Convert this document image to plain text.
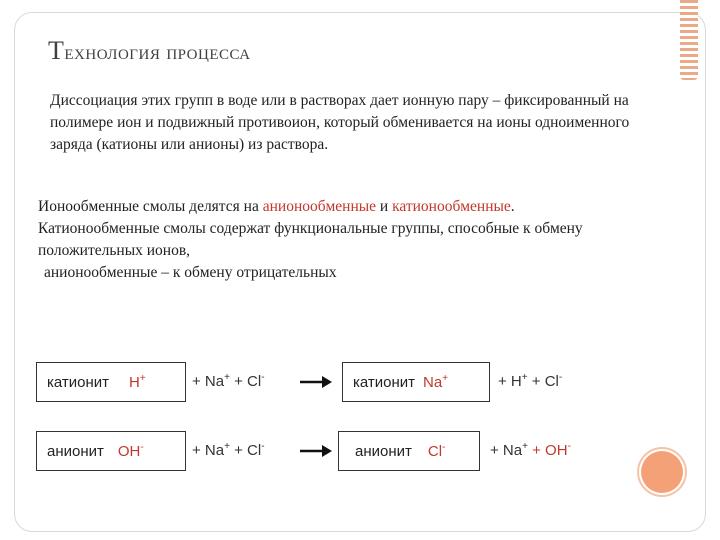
Технология процесса
Диссоциация этих групп в воде или в растворах дает ионную пару – фиксированный на полимере ион и подвижный противоион, который обменивается на ионы одноименного заряда (катионы или анионы) из раствора.
Ионообменные смолы делятся на анионообменные и катионообменные.
Катионообменные смолы содержат функциональные группы, способные к обмену положительных ионов,
анионообменные – к обмену отрицательных
катионит H+	+ Na+ + Cl-	катионит Na+	+ H+ + Cl-
анионит OH-	+ Na+ + Cl-	анионит Cl-	+ Na+ + OH-
